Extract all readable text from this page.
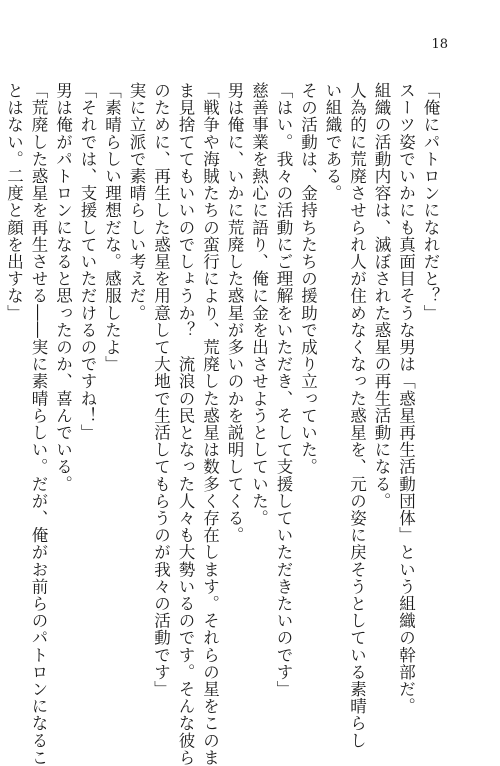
18

「俺にパトロンになれだと？」

スーツ姿でいかにも真面目そうな男は「惑星再生活動団体」という組織の幹部だ。

組織の活動内容は、滅ぼされた惑星の再生活動になる。

人為的に荒廃させられ人が住めなくなった惑星を、元の姿に戻そうとしている素晴らし

い組織である。

その活動は、金持ちたちの援助で成り立っていた。

「はい。我々の活動にご理解をいただき、そして支援していただきたいのです」

慈善事業を熱心に語り、俺に金を出させようとしていた。

男は俺に、いかに荒廃した惑星が多いのかを説明してくる。

「戦争や海賊たちの蛮行により、荒廃した惑星は数多く存在します。それらの星をこのま

ま見捨ててもいいのでしょうか？　流浪の民となった人々も大勢いるのです。そんな彼ら

のために、再生した惑星を用意して大地で生活してもらうのが我々の活動です」

実に立派で素晴らしい考えだ。

「素晴らしい理想だな。感服したよ」

「それでは、支援していただけるのですね！」

男は俺がパトロンになると思ったのか、喜んでいる。

「荒廃した惑星を再生させる――実に素晴らしい。だが、俺がお前らのパトロンになるこ

とはない。二度と顔を出すな」
